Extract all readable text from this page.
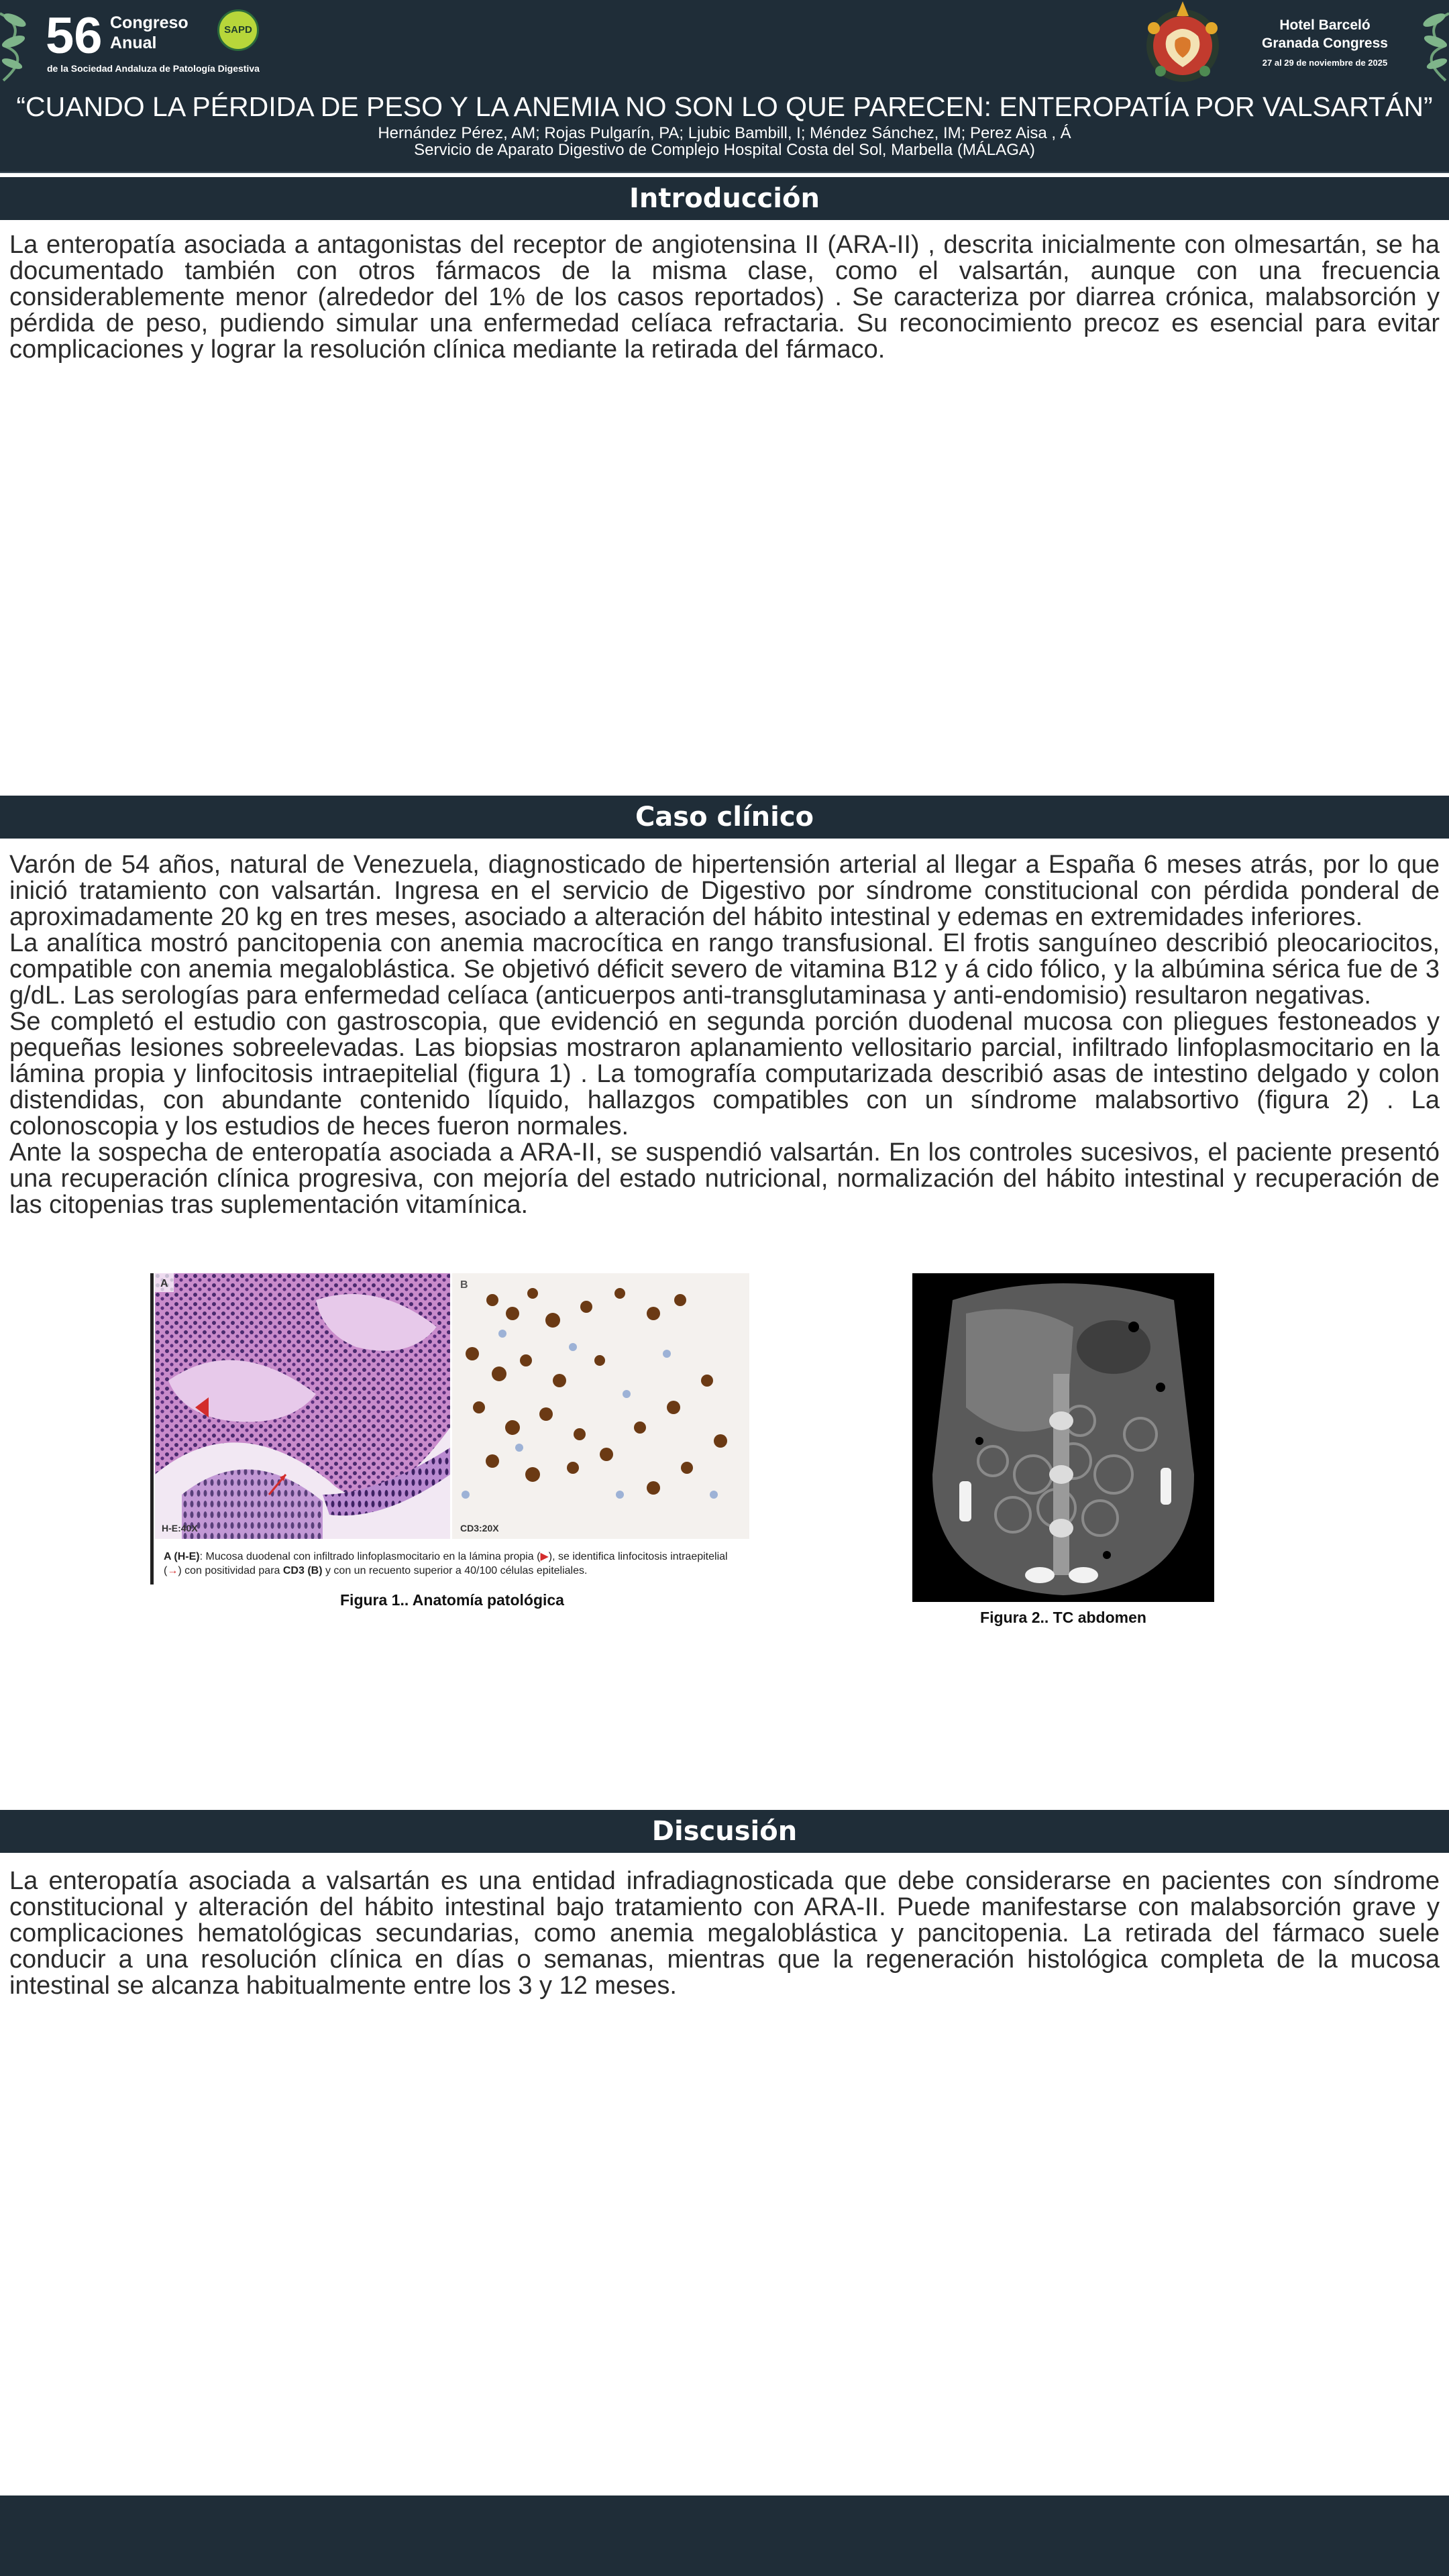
56 Congreso
Anual
de la Sociedad Andaluza de Patología Digestiva
SAPD	Hotel Barceló
Granada Congress
27 al 29 de noviembre de 2025
“CUANDO LA PÉRDIDA DE PESO Y LA ANEMIA NO SON LO QUE PARECEN: ENTEROPATÍA POR VALSARTÁN”
Hernández Pérez, AM; Rojas Pulgarín, PA; Ljubic Bambill, I; Méndez Sánchez, IM; Perez Aisa , Á
Servicio de Aparato Digestivo de Complejo Hospital Costa del Sol, Marbella (MÁLAGA)
Introducción

La enteropatía asociada a antagonistas del receptor de angiotensina II (ARA-II) , descrita inicialmente con olmesartán, se ha documentado también con otros fármacos de la misma clase, como el valsartán, aunque con una frecuencia considerablemente menor (alrededor del 1% de los casos reportados) . Se caracteriza por diarrea crónica, malabsorción y pérdida de peso, pudiendo simular una enfermedad celíaca refractaria. Su reconocimiento precoz es esencial para evitar complicaciones y lograr la resolución clínica mediante la retirada del fármaco.

Caso clínico

Varón de 54 años, natural de Venezuela, diagnosticado de hipertensión arterial al llegar a España 6 meses atrás, por lo que inició tratamiento con valsartán. Ingresa en el servicio de Digestivo por síndrome constitucional con pérdida ponderal de aproximadamente 20 kg en tres meses, asociado a alteración del hábito intestinal y edemas en extremidades inferiores.

La analítica mostró pancitopenia con anemia macrocítica en rango transfusional. El frotis sanguíneo describió pleocariocitos, compatible con anemia megaloblástica. Se objetivó déficit severo de vitamina B12 y á cido fólico, y la albúmina sérica fue de 3 g/dL. Las serologías para enfermedad celíaca (anticuerpos anti-transglutaminasa y anti-endomisio) resultaron negativas.

Se completó el estudio con gastroscopia, que evidenció en segunda porción duodenal mucosa con pliegues festoneados y pequeñas lesiones sobreelevadas. Las biopsias mostraron aplanamiento vellositario parcial, infiltrado linfoplasmocitario en la lámina propia y linfocitosis intraepitelial (figura 1) . La tomografía computarizada describió asas de intestino delgado y colon distendidas, con abundante contenido líquido, hallazgos compatibles con un síndrome malabsortivo (figura 2) . La colonoscopia y los estudios de heces fueron normales.

Ante la sospecha de enteropatía asociada a ARA-II, se suspendió valsartán. En los controles sucesivos, el paciente presentó una recuperación clínica progresiva, con mejoría del estado nutricional, normalización del hábito intestinal y recuperación de las citopenias tras suplementación vitamínica.

A
H-E:40X
B
CD3:20X
A (H-E): Mucosa duodenal con infiltrado linfoplasmocitario en la lámina propia (▶), se identifica linfocitosis intraepitelial (→) con positividad para CD3 (B) y con un recuento superior a 40/100 células epiteliales.
Figura 1.. Anatomía patológica
Figura 2.. TC abdomen
Discusión

La enteropatía asociada a valsartán es una entidad infradiagnosticada que debe considerarse en pacientes con síndrome constitucional y alteración del hábito intestinal bajo tratamiento con ARA-II. Puede manifestarse con malabsorción grave y complicaciones hematológicas secundarias, como anemia megaloblástica y pancitopenia. La retirada del fármaco suele conducir a una resolución clínica en días o semanas, mientras que la regeneración histológica completa de la mucosa intestinal se alcanza habitualmente entre los 3 y 12 meses.
